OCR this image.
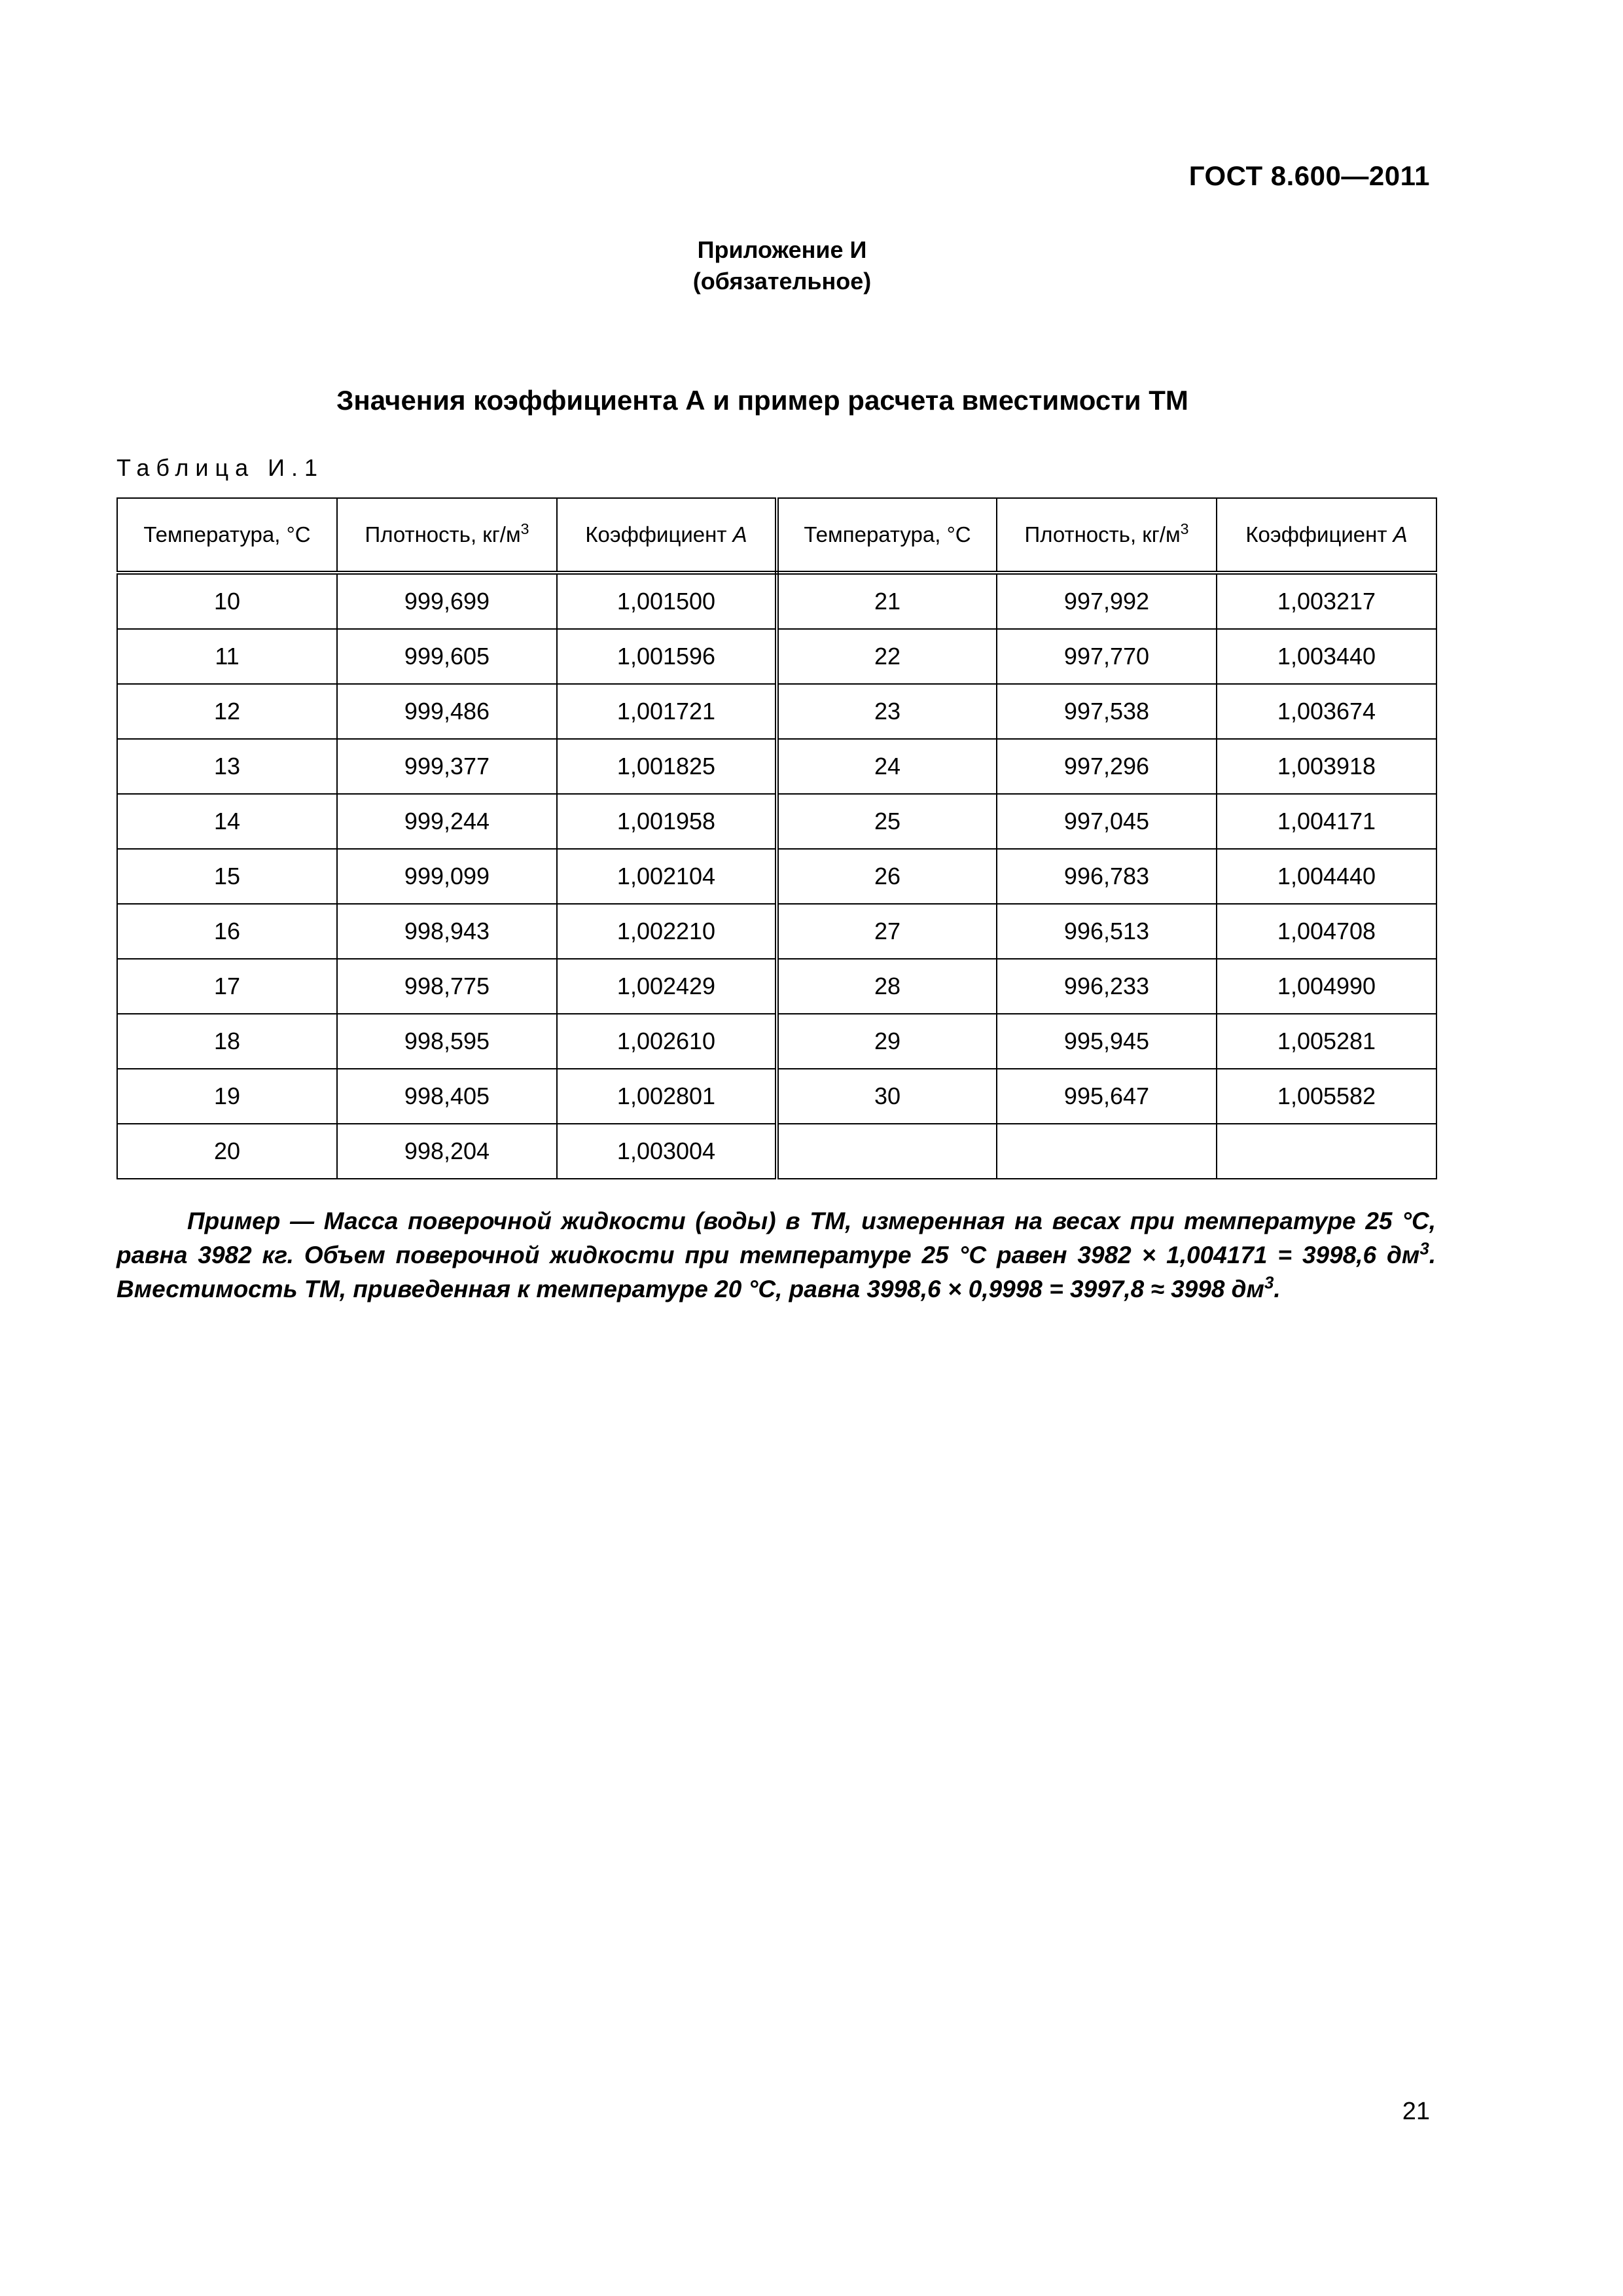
ГОСТ 8.600—2011
Приложение И
(обязательное)
Значения коэффициента А и пример расчета вместимости ТМ
Таблица И.1
Температура, °С	Плотность, $кг/м^3$	Коэффициент А	Температура, °С	Плотность, $кг/м^3$	Коэффициент А
10	999,699	1,001500	21	997,992	1,003217
11	999,605	1,001596	22	997,770	1,003440
12	999,486	1,001721	23	997,538	1,003674
13	999,377	1,001825	24	997,296	1,003918
14	999,244	1,001958	25	997,045	1,004171
15	999,099	1,002104	26	996,783	1,004440
16	998,943	1,002210	27	996,513	1,004708
17	998,775	1,002429	28	996,233	1,004990
18	998,595	1,002610	29	995,945	1,005281
19	998,405	1,002801	30	995,647	1,005582
20	998,204	1,003004			
Пример — Масса поверочной жидкости (воды) в ТМ, измеренная на весах при температуре 25 °С, равна 3982 кг. Объем поверочной жидкости при температуре 25 °С равен 3982 × 1,004171 = 3998,6 $дм^3$. Вместимость ТМ, приведенная к температуре 20 °С, равна 3998,6 × 0,9998 = 3997,8 ≈ 3998 $дм^3$.
21
